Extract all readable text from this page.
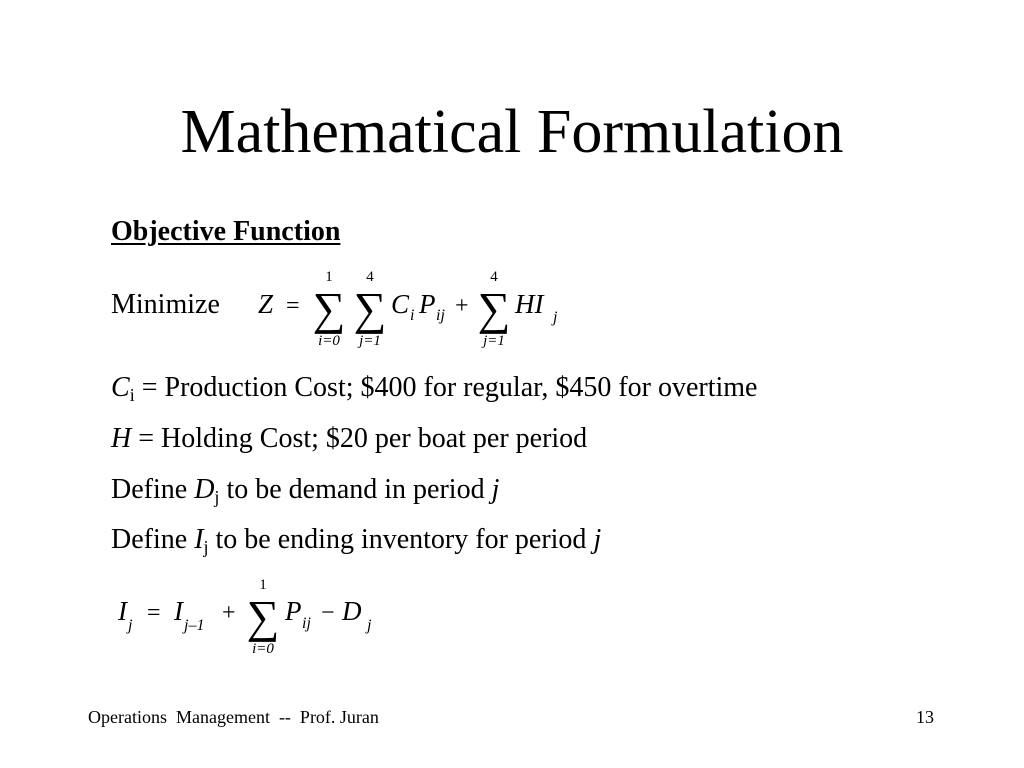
Mathematical Formulation
Objective Function
Minimize Z =
1
∑
i=0
4
∑
j=1
C i P ij +
4
∑
j=1
HI j
$C_i$ = Production Cost; $400 for regular, $450 for overtime
H = Holding Cost; $20 per boat per period
Define $D_j$ to be demand in period j
Define $I_j$ to be ending inventory for period j
I j = I j–1 +
1
∑
i=0
P ij − D j
Operations  Management  --  Prof. Juran	13
